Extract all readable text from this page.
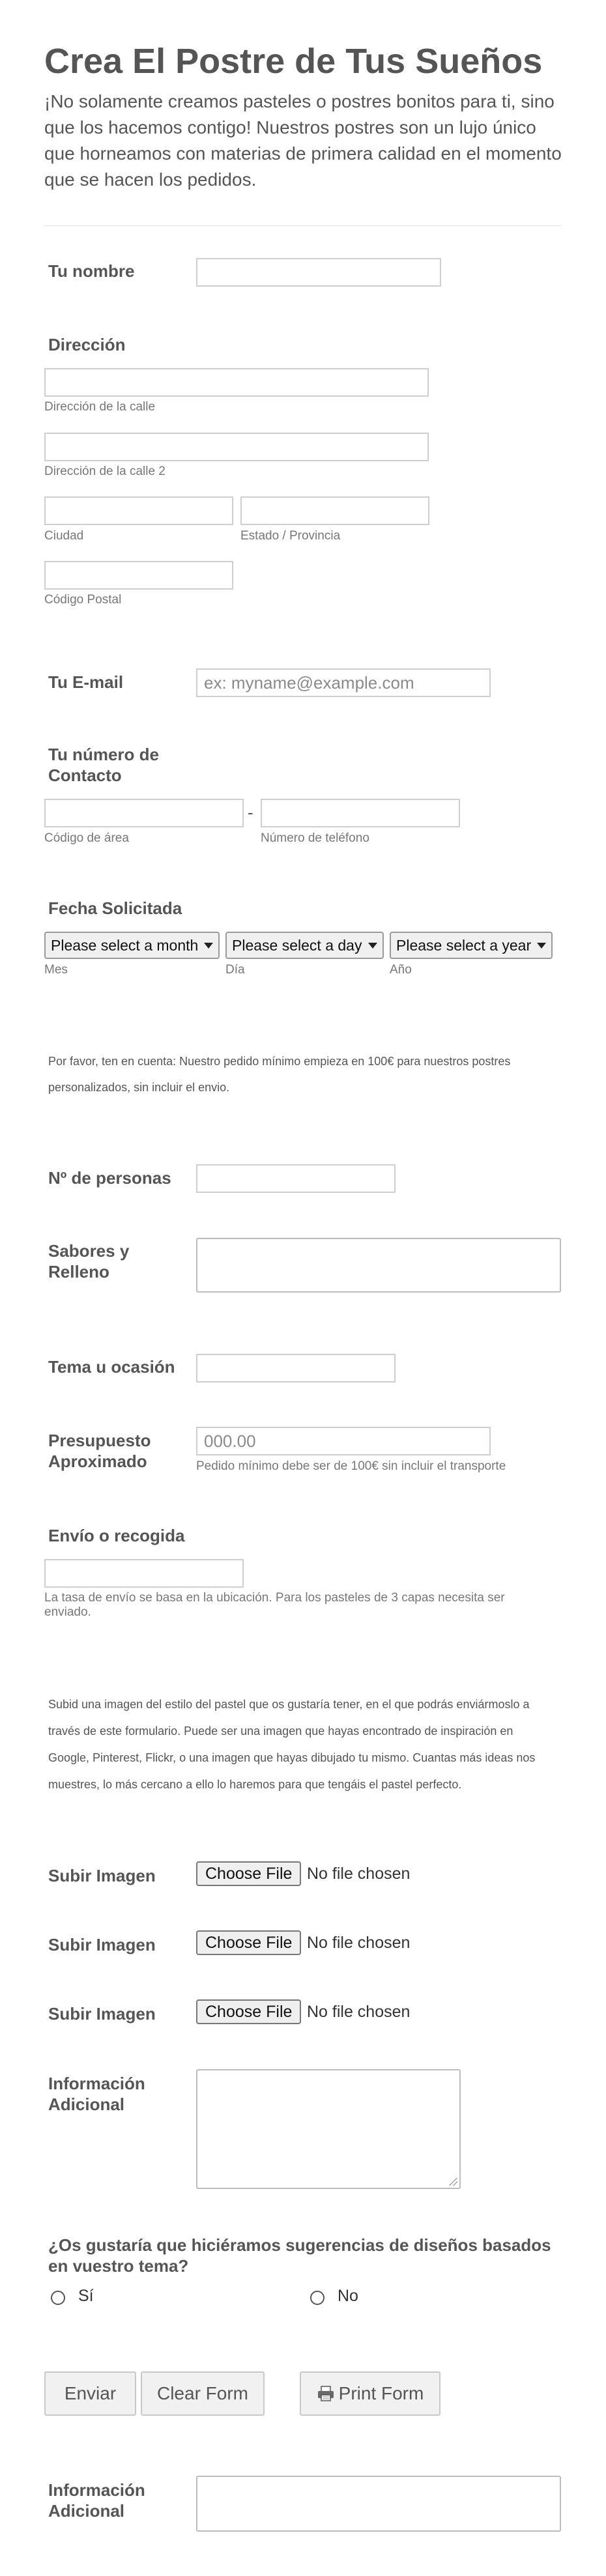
Crea El Postre de Tus Sueños
¡No solamente creamos pasteles o postres bonitos para ti, sino que los hacemos contigo! Nuestros postres son un lujo único que horneamos con materias de primera calidad en el momento que se hacen los pedidos.
Tu nombre
Dirección
Dirección de la calle
Dirección de la calle 2
Ciudad	Estado / Provincia
Código Postal
Tu E-mail
ex: myname@example.com
Tu número de Contacto
-
Código de área	Número de teléfono
Fecha Solicitada
Please select a month Please select a day Please select a year
Mes	Día	Año
Por favor, ten en cuenta: Nuestro pedido mínimo empieza en 100€ para nuestros postres personalizados, sin incluir el envio.
Nº de personas
Sabores y Relleno
Tema u ocasión
Presupuesto Aproximado
000.00	Pedido mínimo debe ser de 100€ sin incluir el transporte
Envío o recogida
La tasa de envío se basa en la ubicación. Para los pasteles de 3 capas necesita ser enviado.
Subid una imagen del estilo del pastel que os gustaría tener, en el que podrás enviármoslo a través de este formulario. Puede ser una imagen que hayas encontrado de inspiración en Google, Pinterest, Flickr, o una imagen que hayas dibujado tu mismo. Cuantas más ideas nos muestres, lo más cercano a ello lo haremos para que tengáis el pastel perfecto.
Subir Imagen	Choose File No file chosen
Subir Imagen	Choose File No file chosen
Subir Imagen	Choose File No file chosen
Información Adicional
¿Os gustaría que hiciéramos sugerencias de diseños basados en vuestro tema?
Sí	No
Enviar	Clear Form	Print Form
Información Adicional
